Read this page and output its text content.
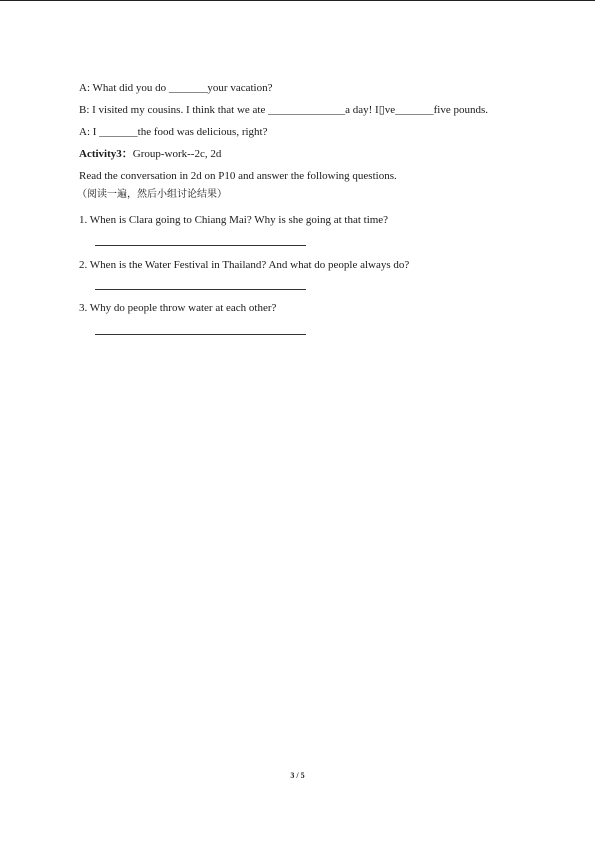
A: What did you do _______your vacation?
B: I visited my cousins. I think that we ate ______________a day! I▯ve_______five pounds.
A: I _______the food was delicious, right?
Activity3：Group-work--2c, 2d
Read the conversation in 2d on P10 and answer the following questions.
（阅读一遍，然后小组讨论结果）
1. When is Clara going to Chiang Mai? Why is she going at that time?
2. When is the Water Festival in Thailand? And what do people always do?
3. Why do people throw water at each other?
3 / 5
